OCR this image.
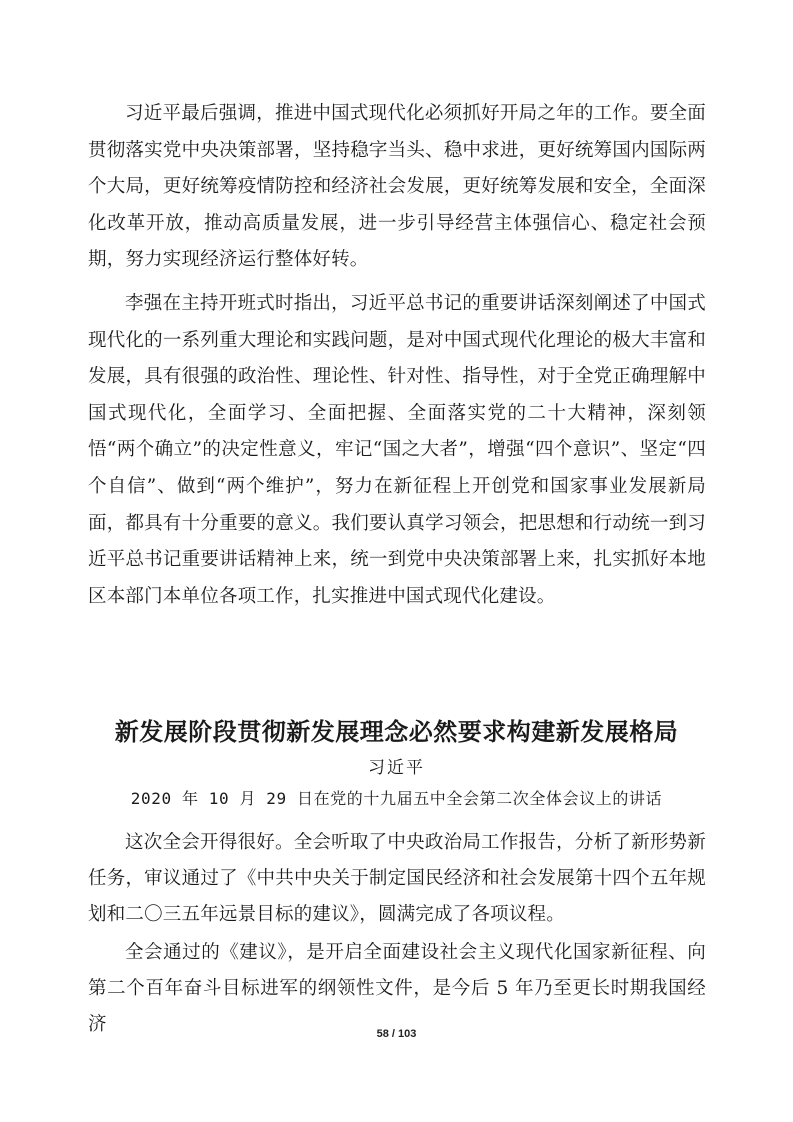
习近平最后强调，推进中国式现代化必须抓好开局之年的工作。要全面贯彻落实党中央决策部署，坚持稳字当头、稳中求进，更好统筹国内国际两个大局，更好统筹疫情防控和经济社会发展，更好统筹发展和安全，全面深化改革开放，推动高质量发展，进一步引导经营主体强信心、稳定社会预期，努力实现经济运行整体好转。

李强在主持开班式时指出，习近平总书记的重要讲话深刻阐述了中国式现代化的一系列重大理论和实践问题，是对中国式现代化理论的极大丰富和发展，具有很强的政治性、理论性、针对性、指导性，对于全党正确理解中国式现代化，全面学习、全面把握、全面落实党的二十大精神，深刻领悟“两个确立”的决定性意义，牢记“国之大者”，增强“四个意识”、坚定“四个自信”、做到“两个维护”，努力在新征程上开创党和国家事业发展新局面，都具有十分重要的意义。我们要认真学习领会，把思想和行动统一到习近平总书记重要讲话精神上来，统一到党中央决策部署上来，扎实抓好本地区本部门本单位各项工作，扎实推进中国式现代化建设。

新发展阶段贯彻新发展理念必然要求构建新发展格局

习近平

2020 年 10 月 29 日在党的十九届五中全会第二次全体会议上的讲话

这次全会开得很好。全会听取了中央政治局工作报告，分析了新形势新任务，审议通过了《中共中央关于制定国民经济和社会发展第十四个五年规划和二〇三五年远景目标的建议》，圆满完成了各项议程。

全会通过的《建议》，是开启全面建设社会主义现代化国家新征程、向第二个百年奋斗目标进军的纲领性文件，是今后 5 年乃至更长时期我国经济	58 / 103
